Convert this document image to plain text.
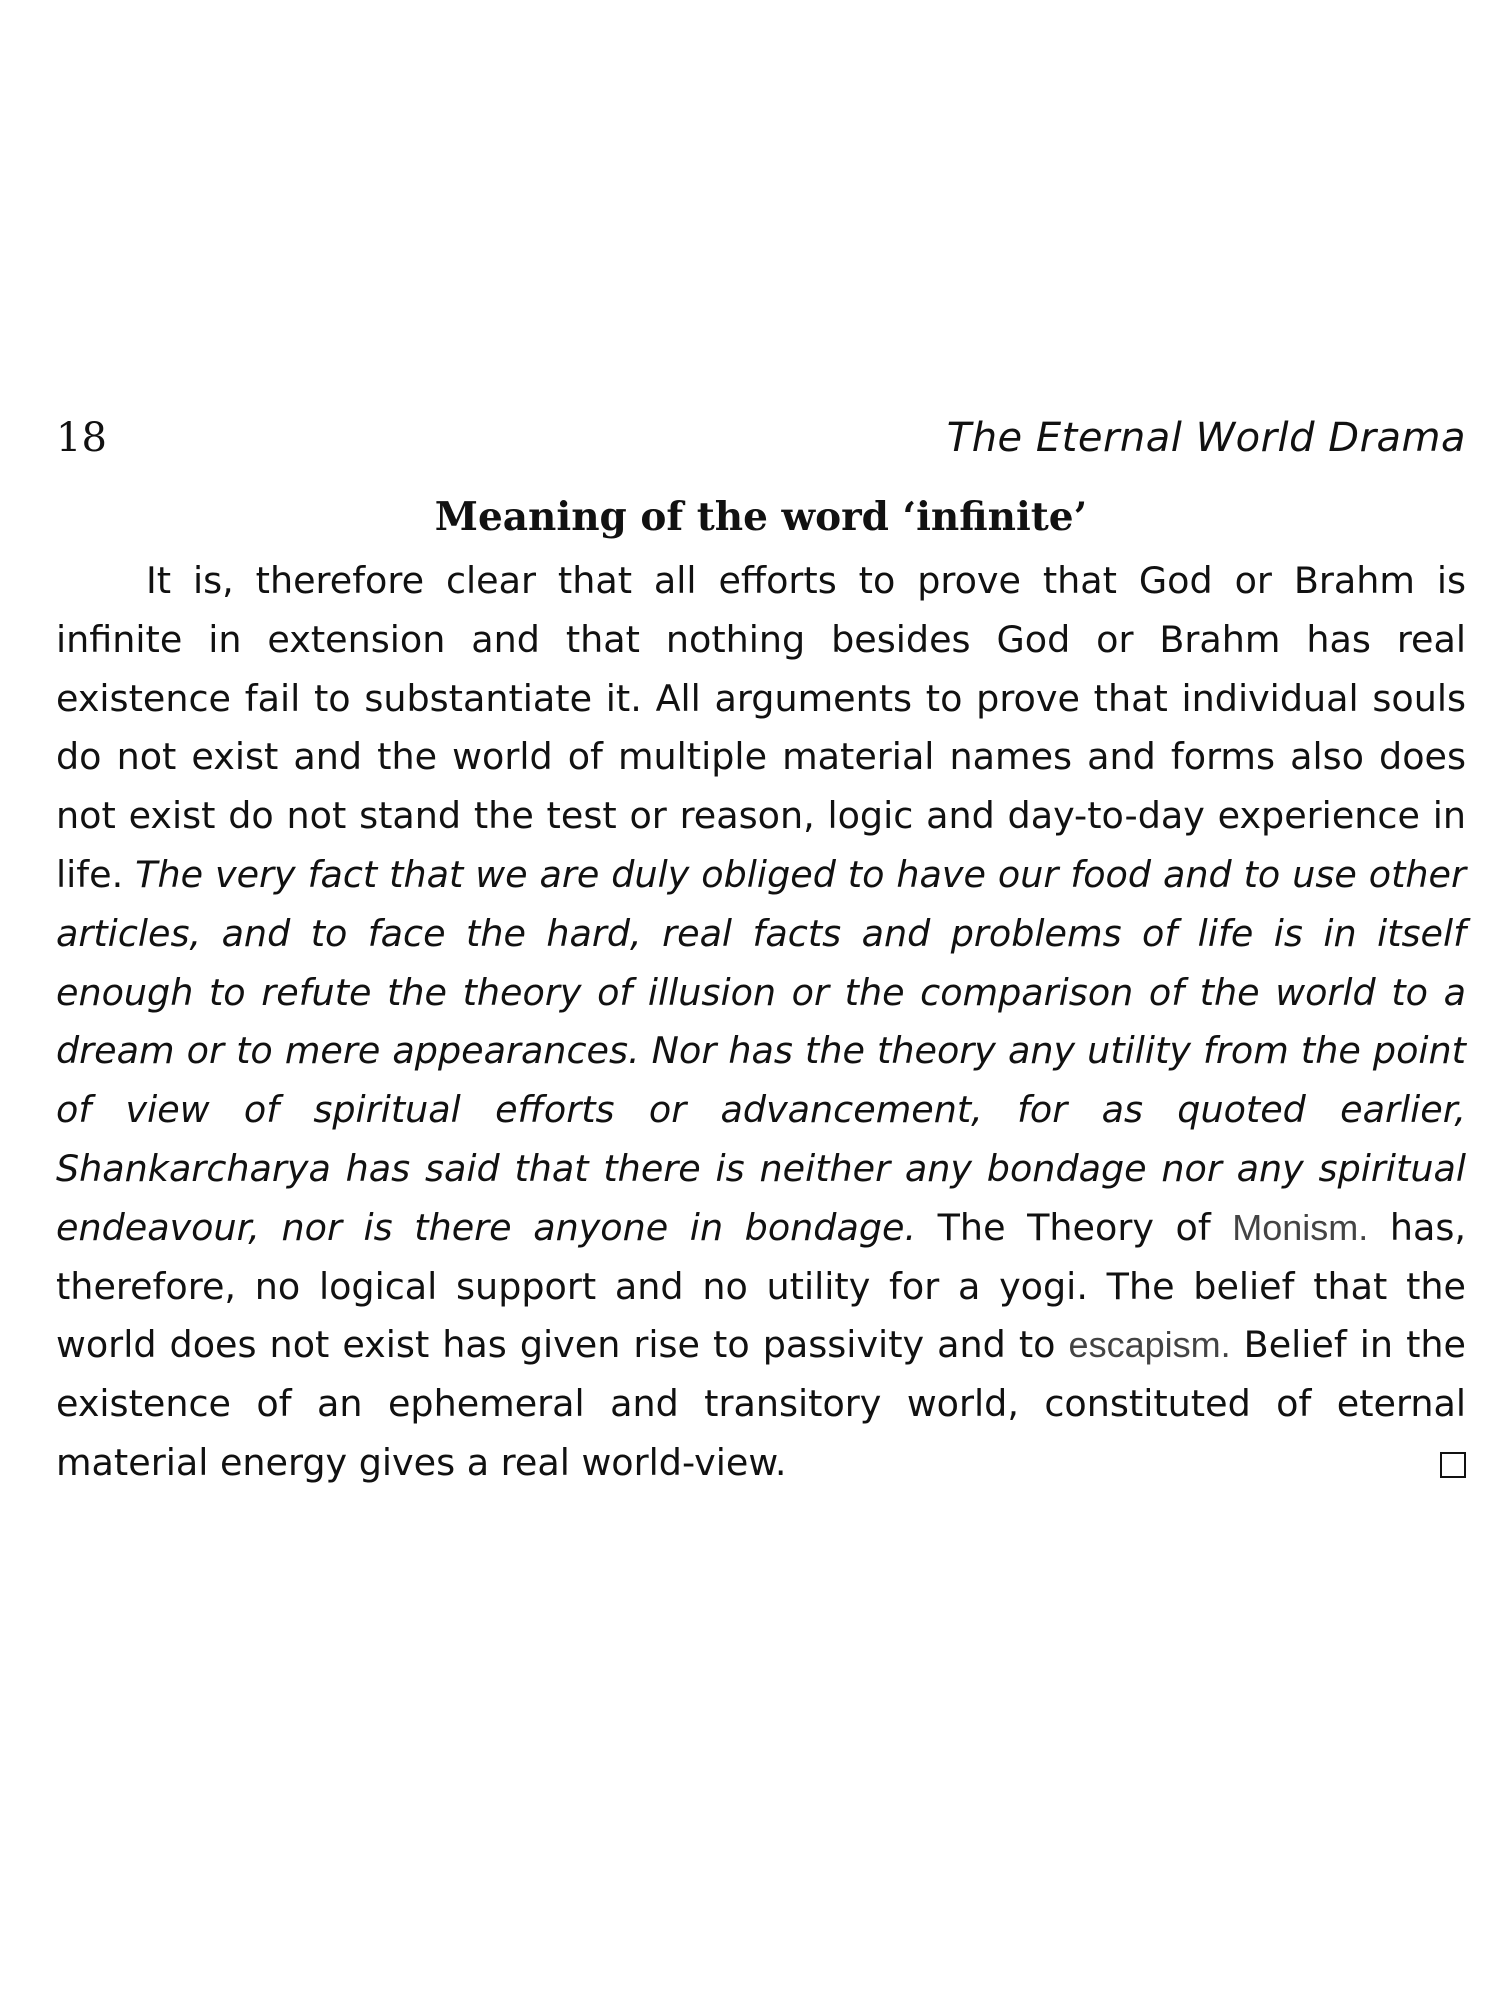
18	The Eternal World Drama
Meaning of the word ‘infinite’

It is, therefore clear that all efforts to prove that God or Brahm is infinite in extension and that nothing besides God or Brahm has real existence fail to substantiate it. All arguments to prove that individual souls do not exist and the world of multiple material names and forms also does not exist do not stand the test or reason, logic and day-to-day experience in life. The very fact that we are duly obliged to have our food and to use other articles, and to face the hard, real facts and problems of life is in itself enough to refute the theory of illusion or the comparison of the world to a dream or to mere appearances. Nor has the theory any utility from the point of view of spiritual efforts or advancement, for as quoted earlier, Shankarcharya has said that there is neither any bondage nor any spiritual endeavour, nor is there anyone in bondage. The Theory of Monism. has, therefore, no logical support and no utility for a yogi. The belief that the world does not exist has given rise to passivity and to escapism. Belief in the existence of an ephemeral and transitory world, constituted of eternal material energy gives a real world-view.
